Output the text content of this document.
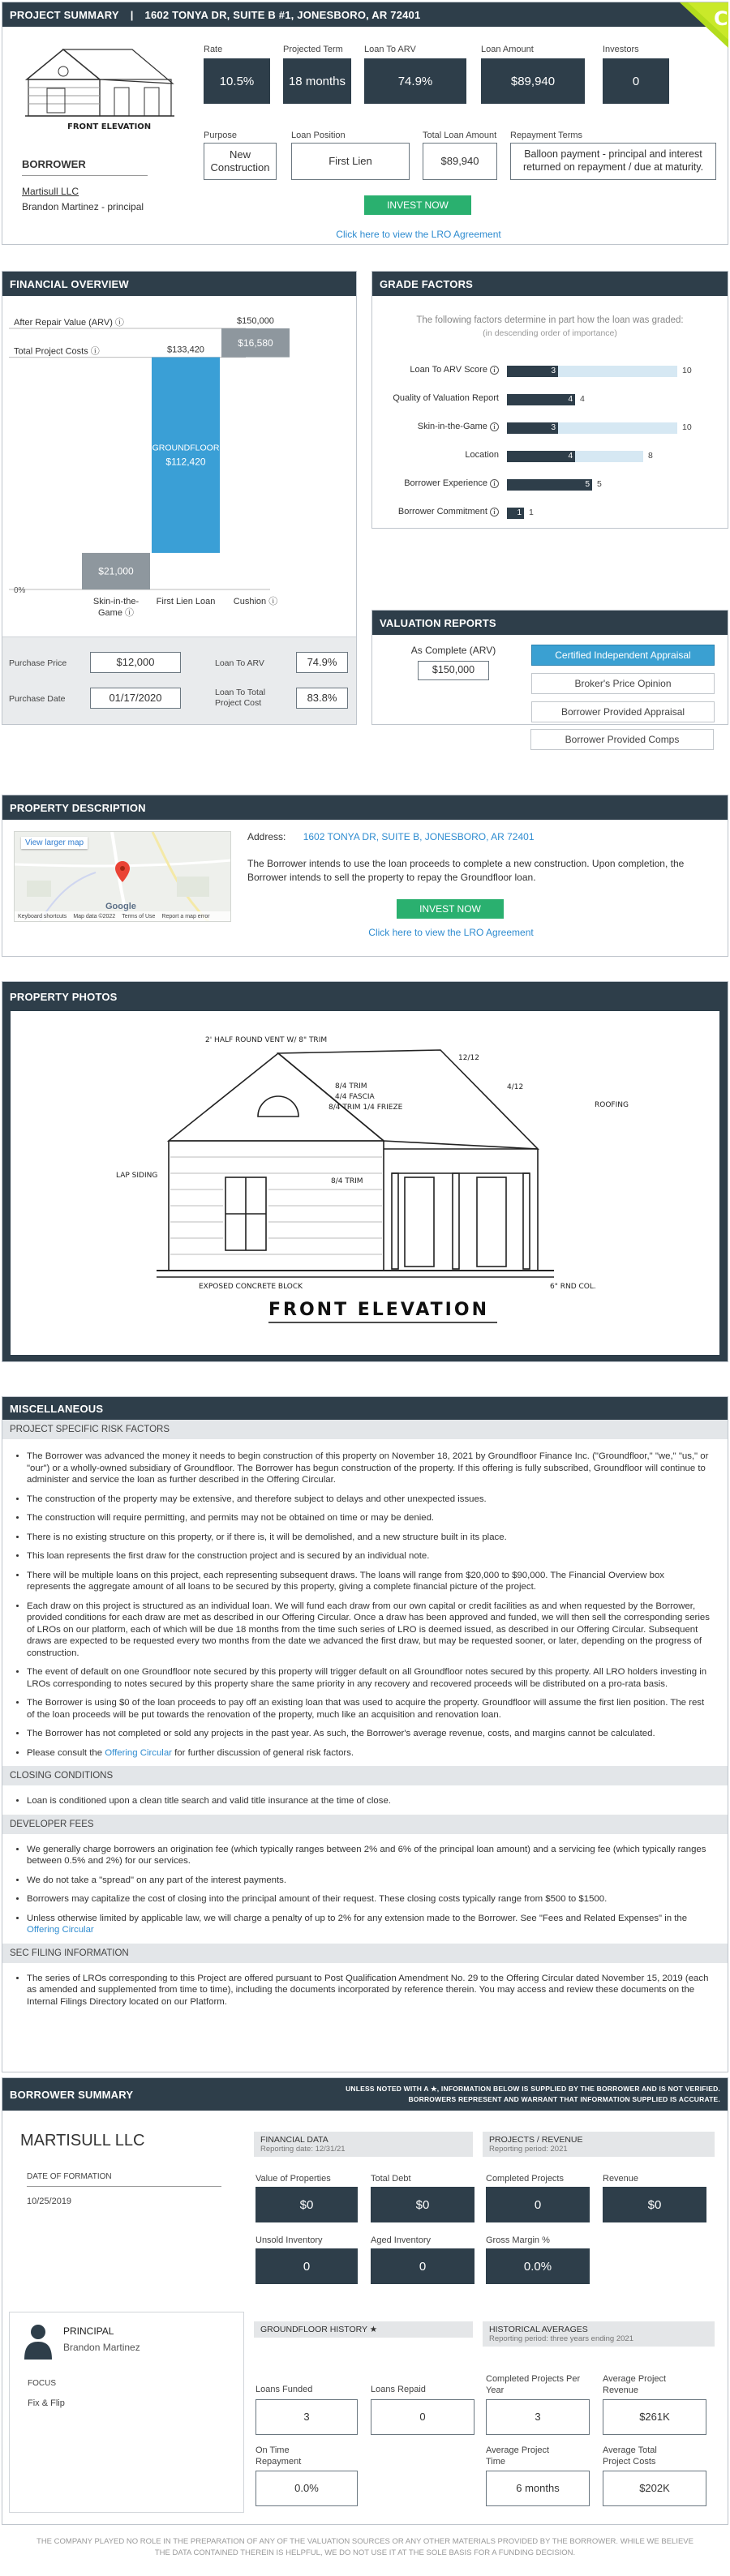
PROJECT SUMMARY | 1602 TONYA DR, SUITE B #1, JONESBORO, AR 72401	C
FRONT ELEVATION
BORROWER
Martisull LLC
Brandon Martinez - principal
Rate
10.5%
Projected Term
18 months
Loan To ARV
74.9%
Loan Amount
$89,940
Investors
0
Purpose
New Construction
Loan Position
First Lien
Total Loan Amount
$89,940
Repayment Terms
Balloon payment - principal and interest returned on repayment / due at maturity.
INVEST NOW
Click here to view the LRO Agreement
FINANCIAL OVERVIEW
After Repair Value (ARV) ⓘ
Total Project Costs ⓘ
0%
$21,000
GROUNDFLOOR
$112,420
$133,420
$16,580
$150,000
Skin-in-the-
Game ⓘ
First Lien Loan Cushion ⓘ
Purchase Price	$12,000	Loan To ARV	74.9%
Purchase Date	01/17/2020	Loan To Total Project Cost	83.8%
GRADE FACTORS
The following factors determine in part how the loan was graded:
(in descending order of importance)
Loan To ARV Score i	3	10
Quality of Valuation Report	4 4
Skin-in-the-Game i	3	10
Location	4	8
Borrower Experience i	5 5
Borrower Commitment i	1 1
VALUATION REPORTS
As Complete (ARV)
$150,000
Certified Independent Appraisal
Broker's Price Opinion
Borrower Provided Appraisal
Borrower Provided Comps
PROPERTY DESCRIPTION
View larger map
Google
Keyboard shortcuts Map data ©2022 Terms of Use Report a map error
Address: 1602 TONYA DR, SUITE B, JONESBORO, AR 72401
The Borrower intends to use the loan proceeds to complete a new construction. Upon completion, the Borrower intends to sell the property to repay the Groundfloor loan.
INVEST NOW
Click here to view the LRO Agreement
PROPERTY PHOTOS
2' HALF ROUND VENT W/ 8" TRIM
8/4 TRIM
4/4 FASCIA
8/4 TRIM 1/4 FRIEZE
12/12
4/12
ROOFING
LAP SIDING
8/4 TRIM
EXPOSED CONCRETE BLOCK	6" RND COL.
FRONT ELEVATION
MISCELLANEOUS
PROJECT SPECIFIC RISK FACTORS
• The Borrower was advanced the money it needs to begin construction of this property on November 18, 2021 by Groundfloor Finance Inc. ("Groundfloor," "we," "us," or "our") or a wholly-owned subsidiary of Groundfloor. The Borrower has begun construction of the property. If this offering is fully subscribed, Groundfloor will continue to administer and service the loan as further described in the Offering Circular.
• The construction of the property may be extensive, and therefore subject to delays and other unexpected issues.
• The construction will require permitting, and permits may not be obtained on time or may be denied.
• There is no existing structure on this property, or if there is, it will be demolished, and a new structure built in its place.
• This loan represents the first draw for the construction project and is secured by an individual note.
• There will be multiple loans on this project, each representing subsequent draws. The loans will range from $20,000 to $90,000. The Financial Overview box represents the aggregate amount of all loans to be secured by this property, giving a complete financial picture of the project.
• Each draw on this project is structured as an individual loan. We will fund each draw from our own capital or credit facilities as and when requested by the Borrower, provided conditions for each draw are met as described in our Offering Circular. Once a draw has been approved and funded, we will then sell the corresponding series of LROs on our platform, each of which will be due 18 months from the time such series of LRO is deemed issued, as described in our Offering Circular. Subsequent draws are expected to be requested every two months from the date we advanced the first draw, but may be requested sooner, or later, depending on the progress of construction.
• The event of default on one Groundfloor note secured by this property will trigger default on all Groundfloor notes secured by this property. All LRO holders investing in LROs corresponding to notes secured by this property share the same priority in any recovery and recovered proceeds will be distributed on a pro-rata basis.
• The Borrower is using $0 of the loan proceeds to pay off an existing loan that was used to acquire the property. Groundfloor will assume the first lien position. The rest of the loan proceeds will be put towards the renovation of the property, much like an acquisition and renovation loan.
• The Borrower has not completed or sold any projects in the past year. As such, the Borrower's average revenue, costs, and margins cannot be calculated.
• Please consult the Offering Circular for further discussion of general risk factors.
CLOSING CONDITIONS
• Loan is conditioned upon a clean title search and valid title insurance at the time of close.
DEVELOPER FEES
• We generally charge borrowers an origination fee (which typically ranges between 2% and 6% of the principal loan amount) and a servicing fee (which typically ranges between 0.5% and 2%) for our services.
• We do not take a "spread" on any part of the interest payments.
• Borrowers may capitalize the cost of closing into the principal amount of their request. These closing costs typically range from $500 to $1500.
• Unless otherwise limited by applicable law, we will charge a penalty of up to 2% for any extension made to the Borrower. See "Fees and Related Expenses" in the Offering Circular
SEC FILING INFORMATION
• The series of LROs corresponding to this Project are offered pursuant to Post Qualification Amendment No. 29 to the Offering Circular dated November 15, 2019 (each as amended and supplemented from time to time), including the documents incorporated by reference therein. You may access and review these documents on the Internal Filings Directory located on our Platform.
BORROWER SUMMARY	UNLESS NOTED WITH A ★, INFORMATION BELOW IS SUPPLIED BY THE BORROWER AND IS NOT VERIFIED.
BORROWERS REPRESENT AND WARRANT THAT INFORMATION SUPPLIED IS ACCURATE.
MARTISULL LLC
DATE OF FORMATION
10/25/2019
FINANCIAL DATA
Reporting date: 12/31/21
PROJECTS / REVENUE
Reporting period: 2021
Value of Properties
$0
Total Debt
$0
Unsold Inventory
0
Aged Inventory
0
Completed Projects
0
Revenue
$0
Gross Margin %
0.0%
PRINCIPAL
Brandon Martinez
FOCUS
Fix & Flip
GROUNDFLOOR HISTORY ★	HISTORICAL AVERAGES
Reporting period: three years ending 2021
Loans Funded
3
Loans Repaid
0
On Time Repayment
0.0%
Completed Projects Per Year
3
Average Project Revenue
$261K
Average Project Time
6 months
Average Total Project Costs
$202K
THE COMPANY PLAYED NO ROLE IN THE PREPARATION OF ANY OF THE VALUATION SOURCES OR ANY OTHER MATERIALS PROVIDED BY THE BORROWER. WHILE WE BELIEVE THE DATA CONTAINED THEREIN IS HELPFUL, WE DO NOT USE IT AT THE SOLE BASIS FOR A FUNDING DECISION.
